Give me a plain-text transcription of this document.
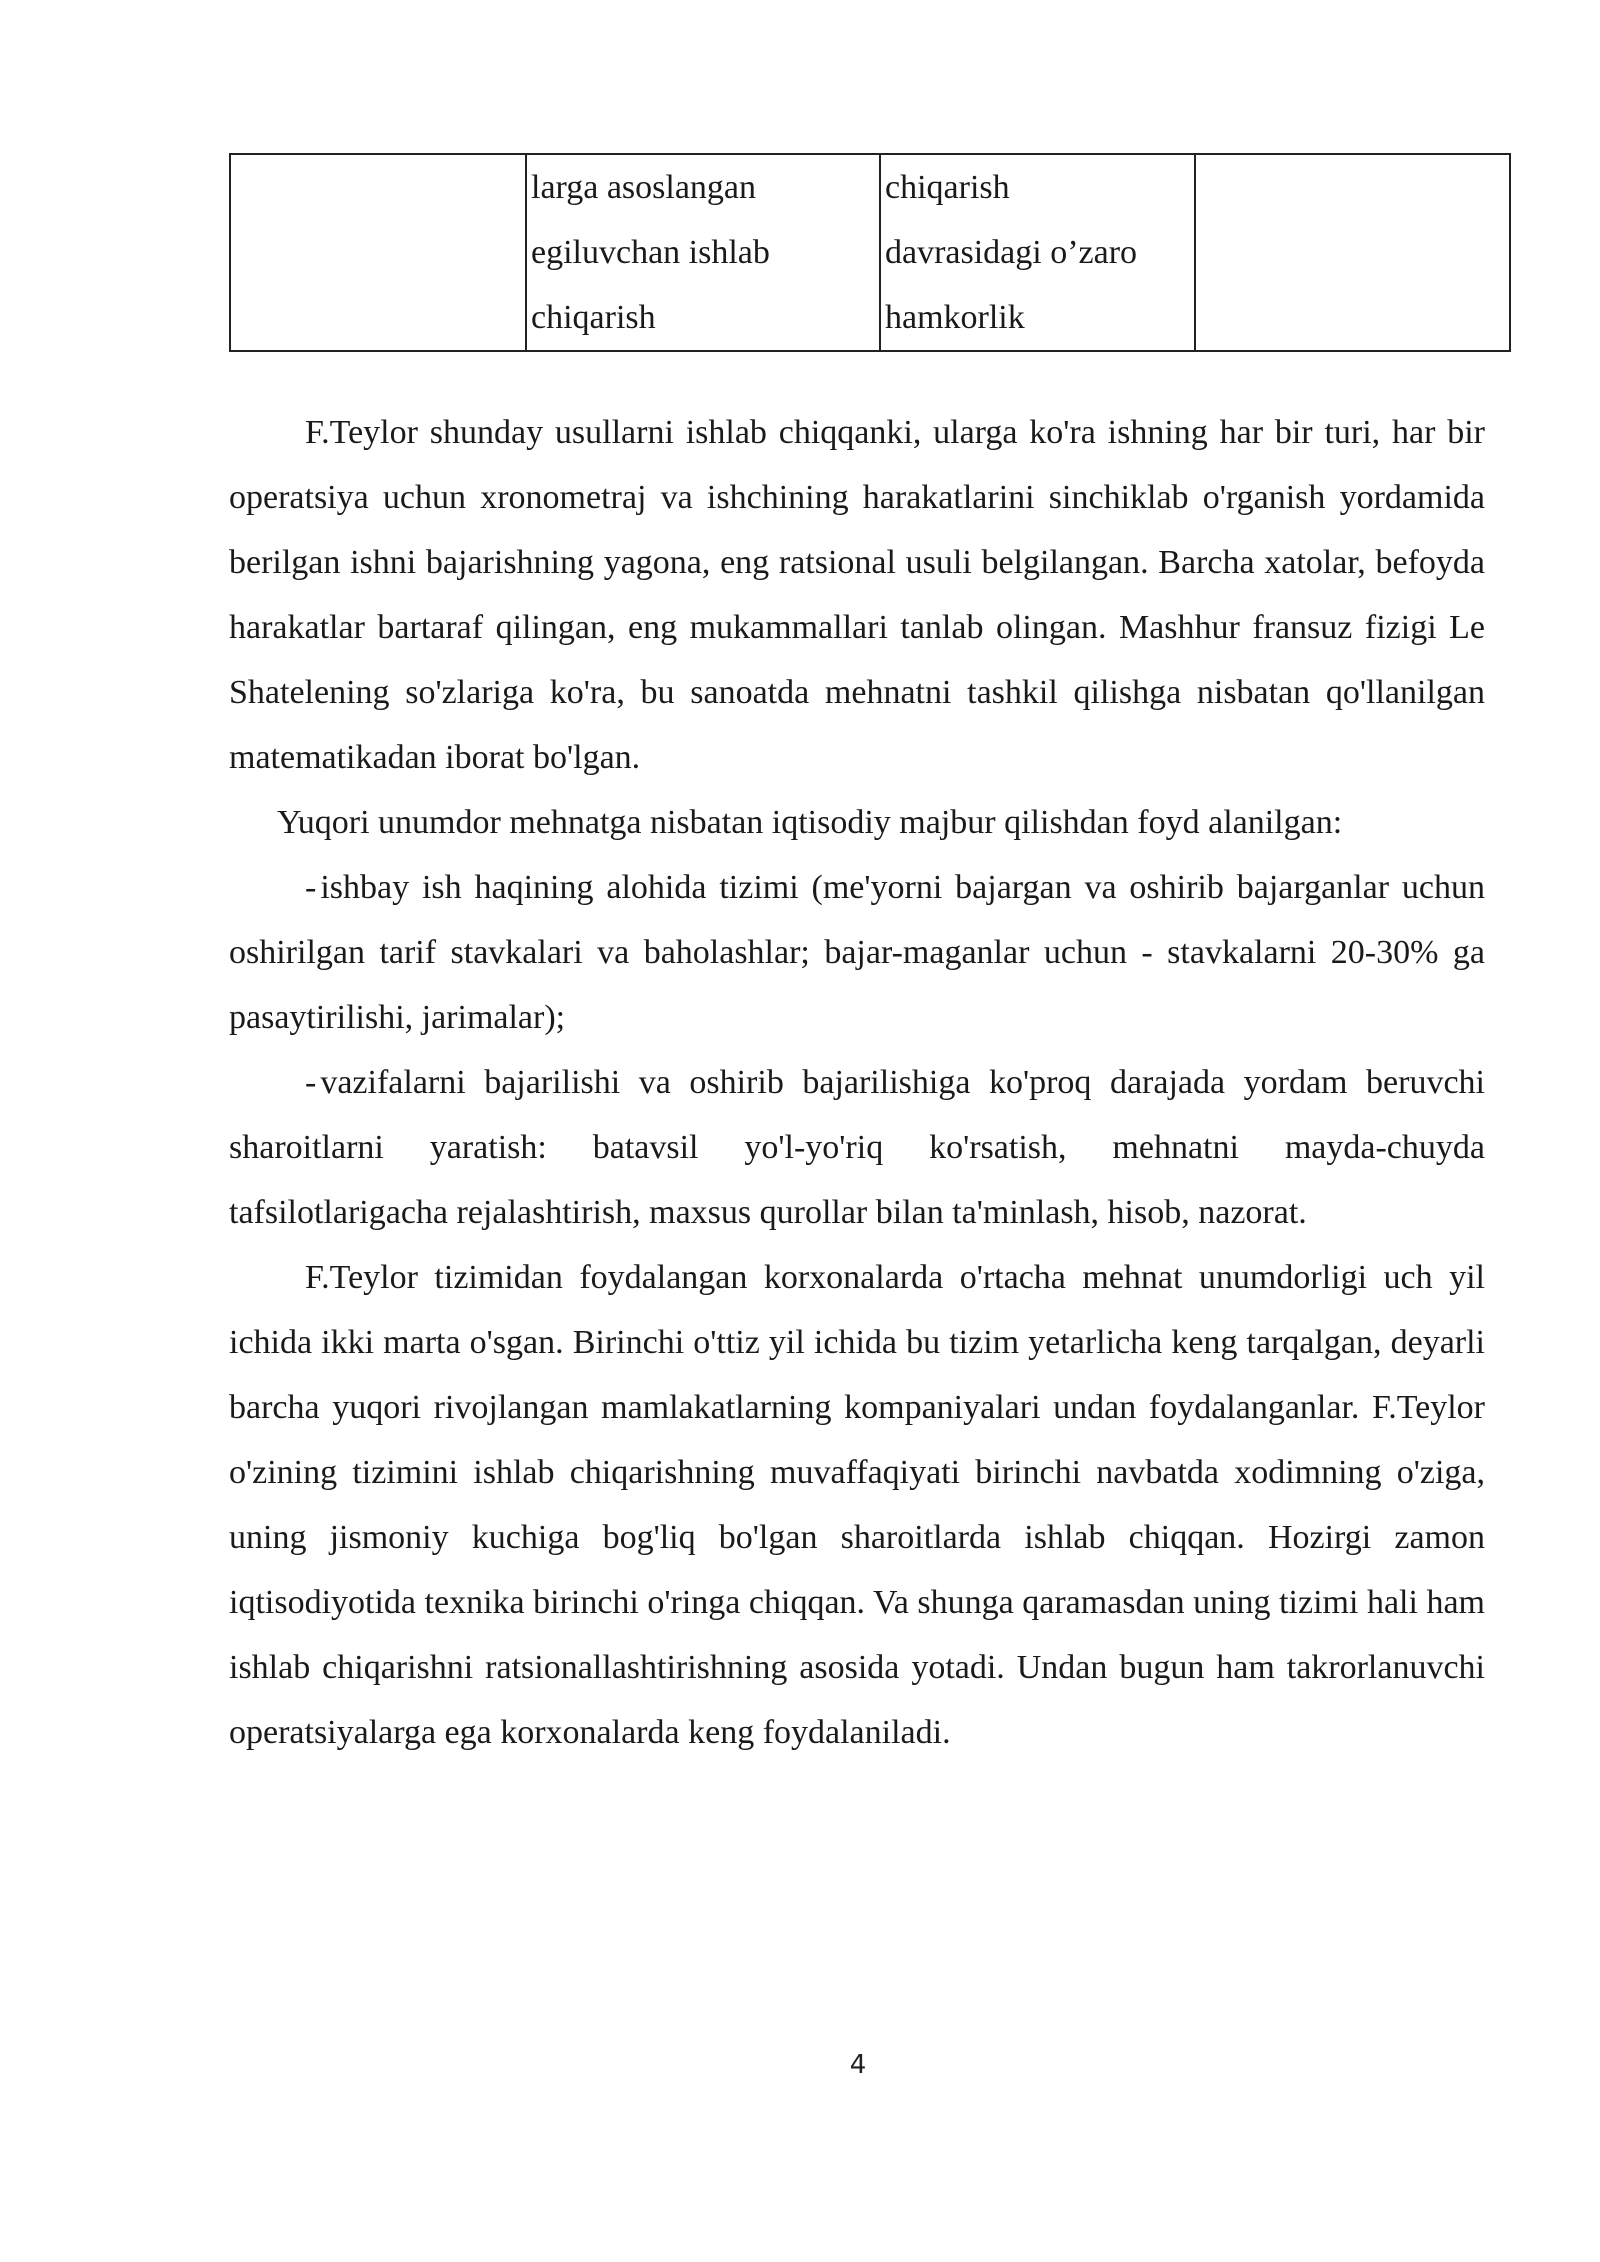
larga asoslangan
egiluvchan ishlab
chiqarish

chiqarish
davrasidagi o’zaro
hamkorlik

F.Teylor shunday usullarni ishlab chiqqanki, ularga ko'ra ishning har bir turi, har bir operatsiya uchun xronometraj va ishchining harakatlarini sinchiklab o'rganish yordamida berilgan ishni bajarishning yagona, eng ratsional usuli belgilangan. Barcha xatolar, befoyda harakatlar bartaraf qilingan, eng mukammallari tanlab olingan. Mashhur fransuz fizigi Le Shatelening so'zlariga ko'ra, bu sanoatda mehnatni tashkil qilishga nisbatan qo'llanilgan matematikadan iborat bo'lgan.

Yuqori unumdor mehnatga nisbatan iqtisodiy majbur qilishdan foyd alanilgan:

- ishbay ish haqining alohida tizimi (me'yorni bajargan va oshirib bajarganlar uchun oshirilgan tarif stavkalari va baholashlar; bajar-maganlar uchun - stavkalarni 20-30% ga pasaytirilishi, jarimalar);

- vazifalarni bajarilishi va oshirib bajarilishiga ko'proq darajada yordam beruvchi sharoitlarni yaratish: batavsil yo'l-yo'riq ko'rsatish, mehnatni mayda-chuyda tafsilotlarigacha rejalashtirish, maxsus qurollar bilan ta'minlash, hisob, nazorat.

F.Teylor tizimidan foydalangan korxonalarda o'rtacha mehnat unumdorligi uch yil ichida ikki marta o'sgan. Birinchi o'ttiz yil ichida bu tizim yetarlicha keng tarqalgan, deyarli barcha yuqori rivojlangan mamlakatlarning kompaniyalari undan foydalanganlar. F.Teylor o'zining tizimini ishlab chiqarishning muvaffaqiyati birinchi navbatda xodimning o'ziga, uning jismoniy kuchiga bog'liq bo'lgan sharoitlarda ishlab chiqqan. Hozirgi zamon iqtisodiyotida texnika birinchi o'ringa chiqqan. Va shunga qaramasdan uning tizimi hali ham ishlab chiqarishni ratsionallashtirishning asosida yotadi. Undan bugun ham takrorlanuvchi operatsiyalarga ega korxonalarda keng foydalaniladi.

4
